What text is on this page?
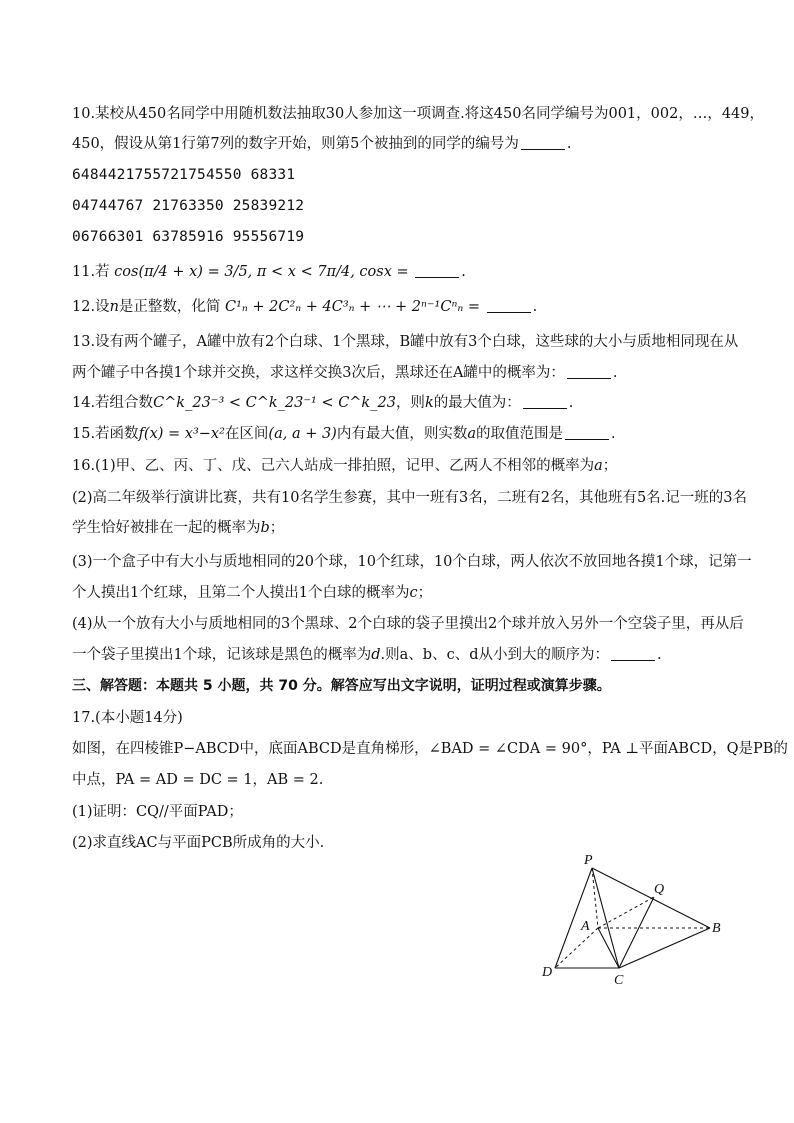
10.某校从450名同学中用随机数法抽取30人参加这一项调查.将这450名同学编号为001，002，…，449，
450，假设从第1行第7列的数字开始，则第5个被抽到的同学的编号为	.
6484421755721754550 68331
04744767 21763350 25839212
06766301 63785916 95556719
11.若 cos(π/4 + x) = 3/5, π < x < 7π/4, cosx =	.
12.设n是正整数，化简 C¹ₙ + 2C²ₙ + 4C³ₙ + ⋯ + 2ⁿ⁻¹Cⁿₙ =	.
13.设有两个罐子，A罐中放有2个白球、1个黑球，B罐中放有3个白球，这些球的大小与质地相同现在从
两个罐子中各摸1个球并交换，求这样交换3次后，黑球还在A罐中的概率为：	.
14.若组合数C^k_23⁻³ < C^k_23⁻¹ < C^k_23，则k的最大值为：	.
15.若函数f(x) = x³−x²在区间(a, a + 3)内有最大值，则实数a的取值范围是	.
16.(1)甲、乙、丙、丁、戊、己六人站成一排拍照，记甲、乙两人不相邻的概率为a；
(2)高二年级举行演讲比赛，共有10名学生参赛，其中一班有3名，二班有2名，其他班有5名.记一班的3名
学生恰好被排在一起的概率为b；
(3)一个盒子中有大小与质地相同的20个球，10个红球，10个白球，两人依次不放回地各摸1个球，记第一
个人摸出1个红球，且第二个人摸出1个白球的概率为c；
(4)从一个放有大小与质地相同的3个黑球、2个白球的袋子里摸出2个球并放入另外一个空袋子里，再从后
一个袋子里摸出1个球，记该球是黑色的概率为d.则a、b、c、d从小到大的顺序为：	.
三、解答题：本题共 5 小题，共 70 分。解答应写出文字说明，证明过程或演算步骤。
17.(本小题14分)
如图，在四棱锥P−ABCD中，底面ABCD是直角梯形，∠BAD = ∠CDA = 90°，PA ⊥平面ABCD，Q是PB的
中点，PA = AD = DC = 1，AB = 2.
(1)证明：CQ//平面PAD；
(2)求直线AC与平面PCB所成角的大小.
P
Q
A	B
C
D
